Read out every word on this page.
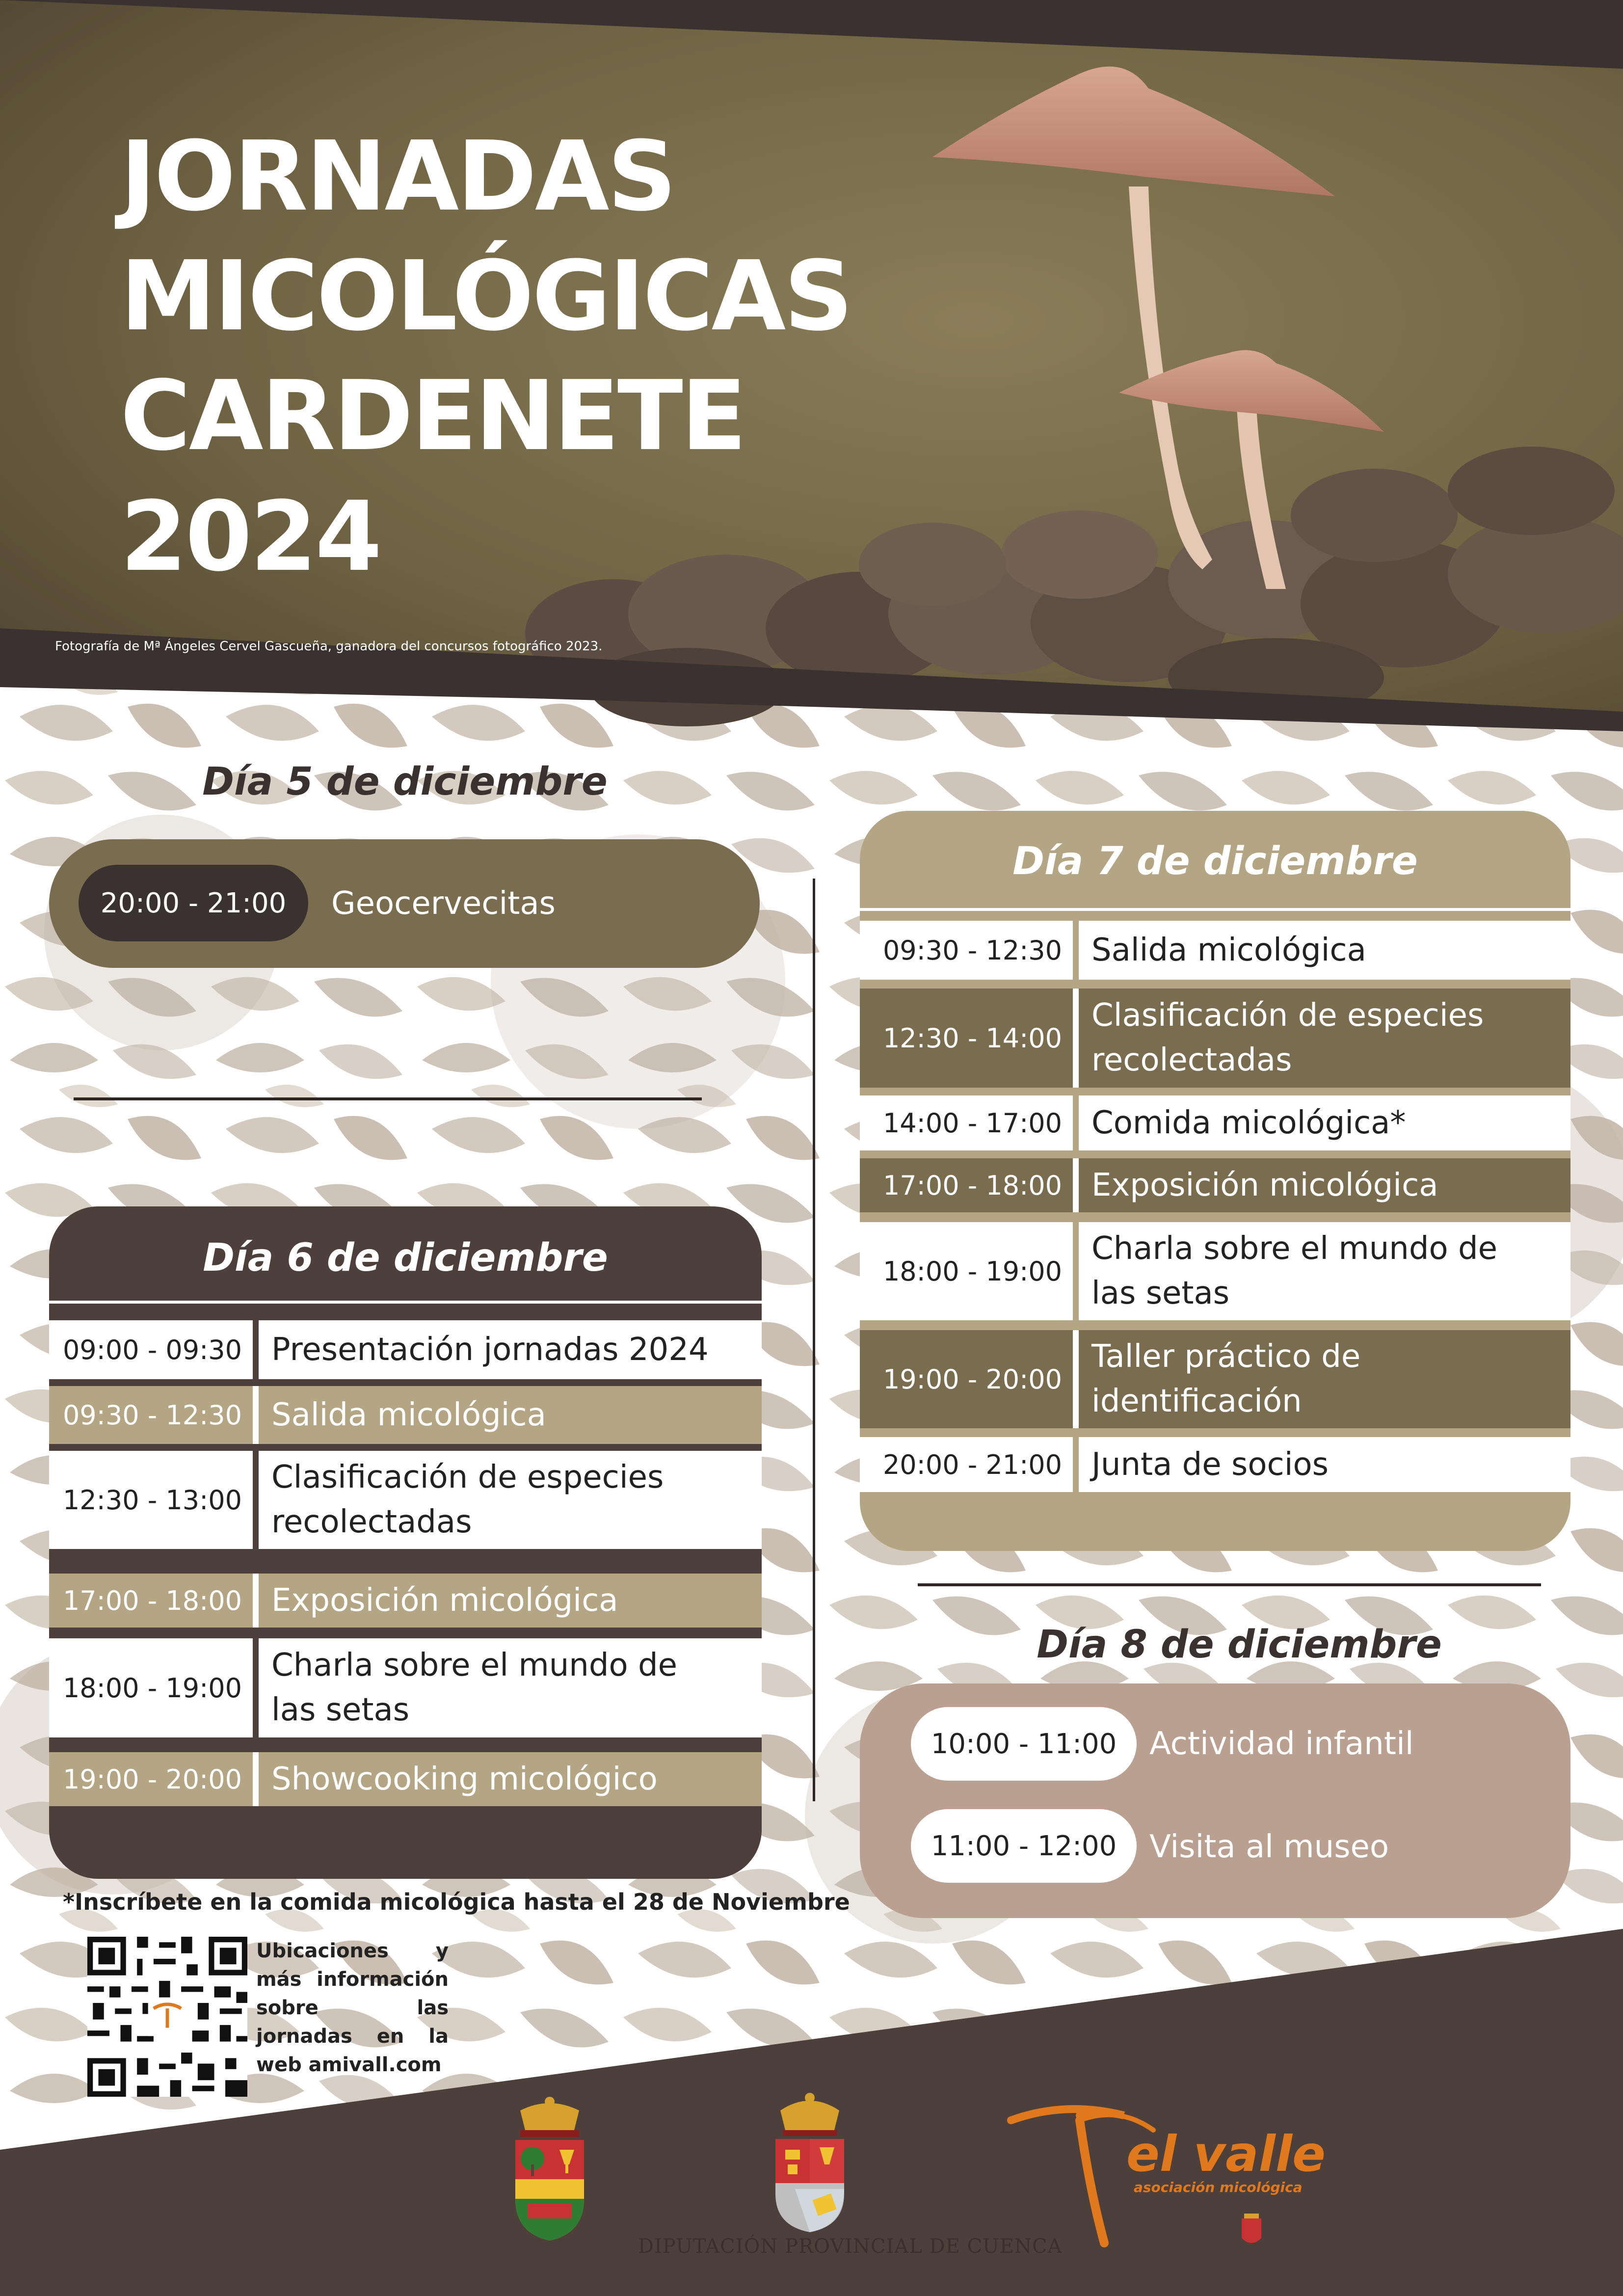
JORNADAS
MICOLÓGICAS
CARDENETE
2024
Fotografía de Mª Ángeles Cervel Gascueña, ganadora del concursos fotográfico 2023.
Día 5 de diciembre
20:00 - 21:00	Geocervecitas
Día 6 de diciembre
09:00 - 09:30 Presentación jornadas 2024
09:30 - 12:30 Salida micológica
12:30 - 13:00
Clasificación de especies recolectadas
17:00 - 18:00 Exposición micológica
18:00 - 19:00
Charla sobre el mundo de las setas
19:00 - 20:00 Showcooking micológico
Día 7 de diciembre
09:30 - 12:30 Salida micológica
12:30 - 14:00
Clasificación de especies recolectadas
14:00 - 17:00 Comida micológica*
17:00 - 18:00 Exposición micológica
18:00 - 19:00
Charla sobre el mundo de las setas
19:00 - 20:00
Taller práctico de identificación
20:00 - 21:00 Junta de socios
Día 8 de diciembre
10:00 - 11:00	Actividad infantil
11:00 - 12:00	Visita al museo
*Inscríbete en la comida micológica hasta el 28 de Noviembre
Ubicaciones y más información sobre las jornadas en la web amivall.com
DIPUTACIÓN PROVINCIAL DE CUENCA
el valle
asociación micológica
